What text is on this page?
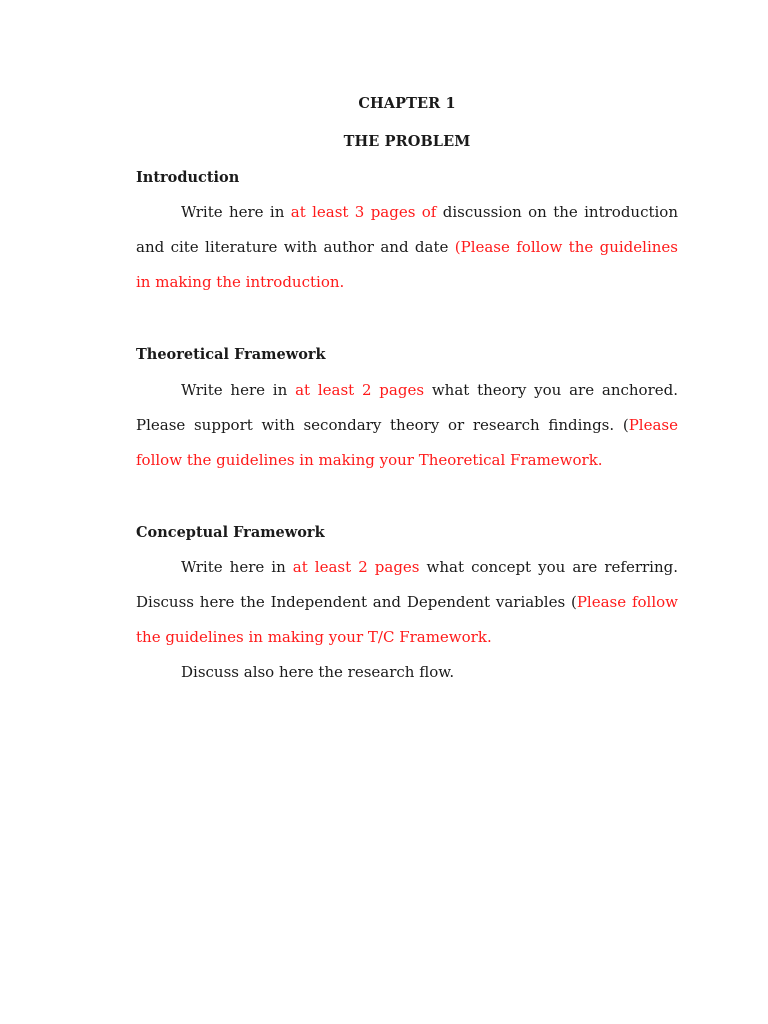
CHAPTER 1
THE PROBLEM
Introduction

Write here in at least 3 pages of discussion on the introduction and cite literature with author and date (Please follow the guidelines in making the introduction.

Theoretical Framework

Write here in at least 2 pages what theory you are anchored. Please support with secondary theory or research findings. (Please follow the guidelines in making your Theoretical Framework.

Conceptual Framework

Write here in at least 2 pages what concept you are referring. Discuss here the Independent and Dependent variables (Please follow the guidelines in making your T/C Framework.

Discuss also here the research flow.
